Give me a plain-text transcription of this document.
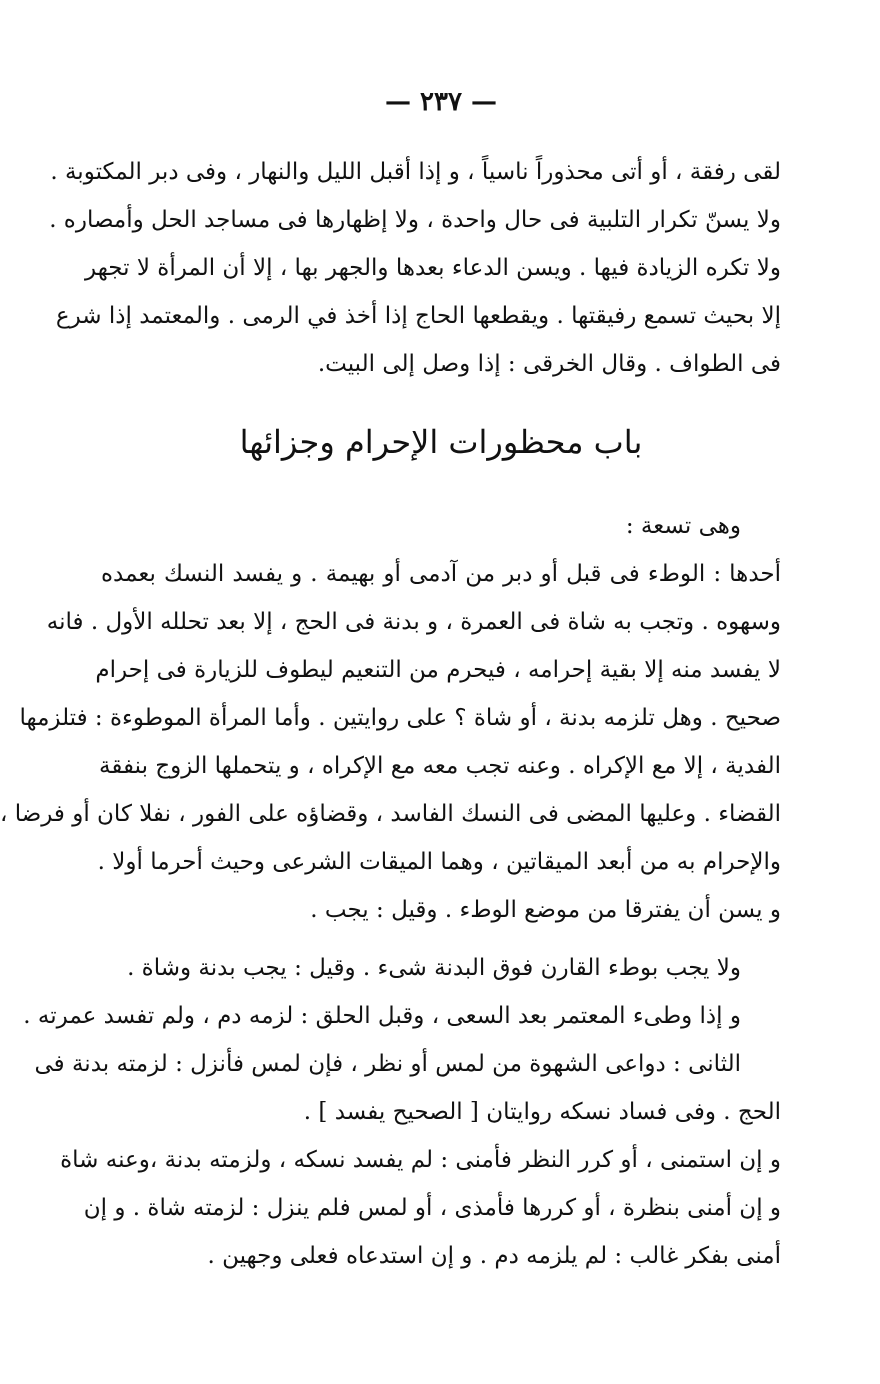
— ٢٣٧ —
لقى رفقة ، أو أتى محذوراً ناسياً ، و إذا أقبل الليل والنهار ، وفى دبر المكتوبة .
ولا يسنّ تكرار التلبية فى حال واحدة ، ولا إظهارها فى مساجد الحل وأمصاره .
ولا تكره الزيادة فيها . ويسن الدعاء بعدها والجهر بها ، إلا أن المرأة لا تجهر
إلا بحيث تسمع رفيقتها . ويقطعها الحاج إذا أخذ في الرمى . والمعتمد إذا شرع
فى الطواف . وقال الخرقى : إذا وصل إلى البيت.
باب محظورات الإحرام وجزائها
وهى تسعة :
أحدها : الوطء فى قبل أو دبر من آدمى أو بهيمة . و يفسد النسك بعمده
وسهوه . وتجب به شاة فى العمرة ، و بدنة فى الحج ، إلا بعد تحلله الأول . فانه
لا يفسد منه إلا بقية إحرامه ، فيحرم من التنعيم ليطوف للزيارة فى إحرام
صحيح . وهل تلزمه بدنة ، أو شاة ؟ على روايتين . وأما المرأة الموطوءة : فتلزمها
الفدية ، إلا مع الإكراه . وعنه تجب معه مع الإكراه ، و يتحملها الزوج بنفقة
القضاء . وعليها المضى فى النسك الفاسد ، وقضاؤه على الفور ، نفلا كان أو فرضا ،
والإحرام به من أبعد الميقاتين ، وهما الميقات الشرعى وحيث أحرما أولا .
و يسن أن يفترقا من موضع الوطء . وقيل : يجب .
ولا يجب بوطء القارن فوق البدنة شىء . وقيل : يجب بدنة وشاة .
و إذا وطىء المعتمر بعد السعى ، وقبل الحلق : لزمه دم ، ولم تفسد عمرته .
الثانى : دواعى الشهوة من لمس أو نظر ، فإن لمس فأنزل : لزمته بدنة فى
الحج . وفى فساد نسكه روايتان [ الصحيح يفسد ] .
و إن استمنى ، أو كرر النظر فأمنى : لم يفسد نسكه ، ولزمته بدنة ،وعنه شاة
و إن أمنى بنظرة ، أو كررها فأمذى ، أو لمس فلم ينزل : لزمته شاة . و إن
أمنى بفكر غالب : لم يلزمه دم . و إن استدعاه فعلى وجهين .
